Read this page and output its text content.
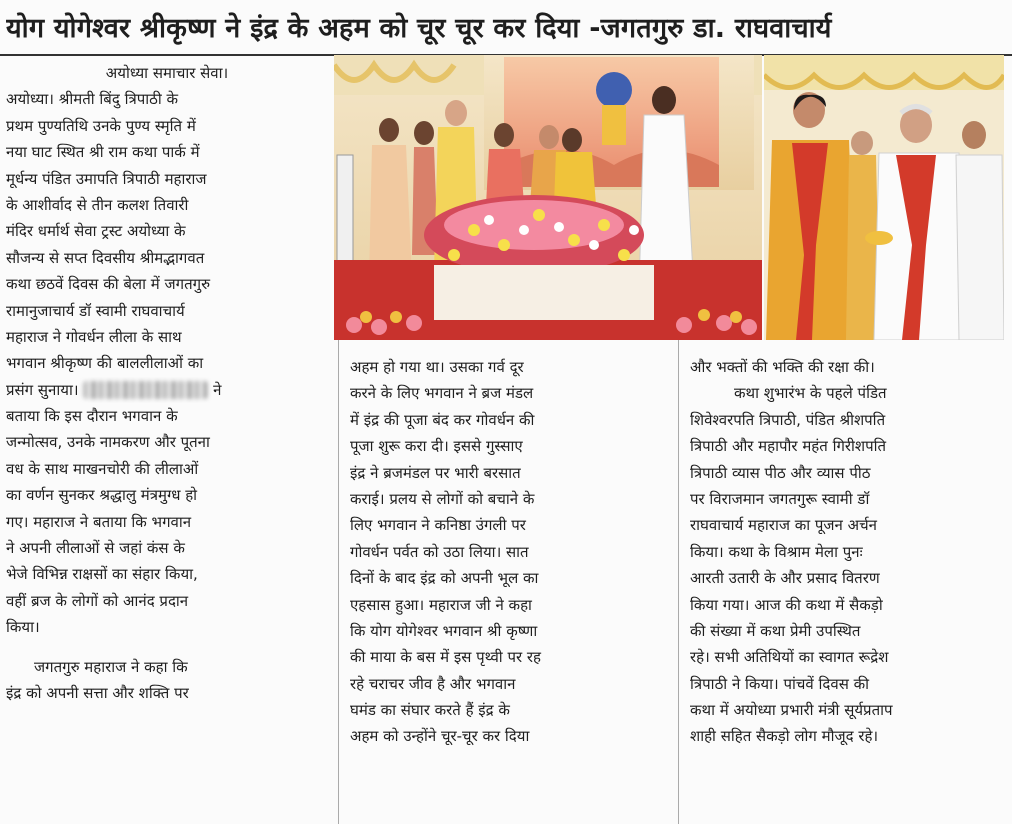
योग योगेश्वर श्रीकृष्ण ने इंद्र के अहम को चूर चूर कर दिया -जगतगुरु डा. राघवाचार्य
अयोध्या समाचार सेवा।
अयोध्या। श्रीमती बिंदु त्रिपाठी के
प्रथम पुण्यतिथि उनके पुण्य स्मृति में
नया घाट स्थित श्री राम कथा पार्क में
मूर्धन्य पंडित उमापति त्रिपाठी महाराज
के आशीर्वाद से तीन कलश तिवारी
मंदिर धर्मार्थ सेवा ट्रस्ट अयोध्या के
सौजन्य से सप्त दिवसीय श्रीमद्भागवत
कथा छठवें दिवस की बेला में जगतगुरु
रामानुजाचार्य डॉ स्वामी राघवाचार्य
महाराज ने गोवर्धन लीला के साथ
भगवान श्रीकृष्ण की बाललीलाओं का
प्रसंग सुनाया।	ने
बताया कि इस दौरान भगवान के
जन्मोत्सव, उनके नामकरण और पूतना
वध के साथ माखनचोरी की लीलाओं
का वर्णन सुनकर श्रद्धालु मंत्रमुग्ध हो
गए। महाराज ने बताया कि भगवान
ने अपनी लीलाओं से जहां कंस के
भेजे विभिन्न राक्षसों का संहार किया,
वहीं ब्रज के लोगों को आनंद प्रदान
किया।
जगतगुरु महाराज ने कहा कि
इंद्र को अपनी सत्ता और शक्ति पर
अहम हो गया था। उसका गर्व दूर
करने के लिए भगवान ने ब्रज मंडल
में इंद्र की पूजा बंद कर गोवर्धन की
पूजा शुरू करा दी। इससे गुस्साए
इंद्र ने ब्रजमंडल पर भारी बरसात
कराई। प्रलय से लोगों को बचाने के
लिए भगवान ने कनिष्ठा उंगली पर
गोवर्धन पर्वत को उठा लिया। सात
दिनों के बाद इंद्र को अपनी भूल का
एहसास हुआ। महाराज जी ने कहा
कि योग योगेश्वर भगवान श्री कृष्णा
की माया के बस में इस पृथ्वी पर रह
रहे चराचर जीव है और भगवान
घमंड का संघार करते हैं इंद्र के
अहम को उन्होंने चूर-चूर कर दिया
और भक्तों की भक्ति की रक्षा की।
कथा शुभारंभ के पहले पंडित
शिवेश्वरपति त्रिपाठी, पंडित श्रीशपति
त्रिपाठी और महापौर महंत गिरीशपति
त्रिपाठी व्यास पीठ और व्यास पीठ
पर विराजमान जगतगुरू स्वामी डॉ
राघवाचार्य महाराज का पूजन अर्चन
किया। कथा के विश्राम मेला पुनः
आरती उतारी के और प्रसाद वितरण
किया गया। आज की कथा में सैकड़ो
की संख्या में कथा प्रेमी उपस्थित
रहे। सभी अतिथियों का स्वागत रूद्रेश
त्रिपाठी ने किया। पांचवें दिवस की
कथा में अयोध्या प्रभारी मंत्री सूर्यप्रताप
शाही सहित सैकड़ो लोग मौजूद रहे।
